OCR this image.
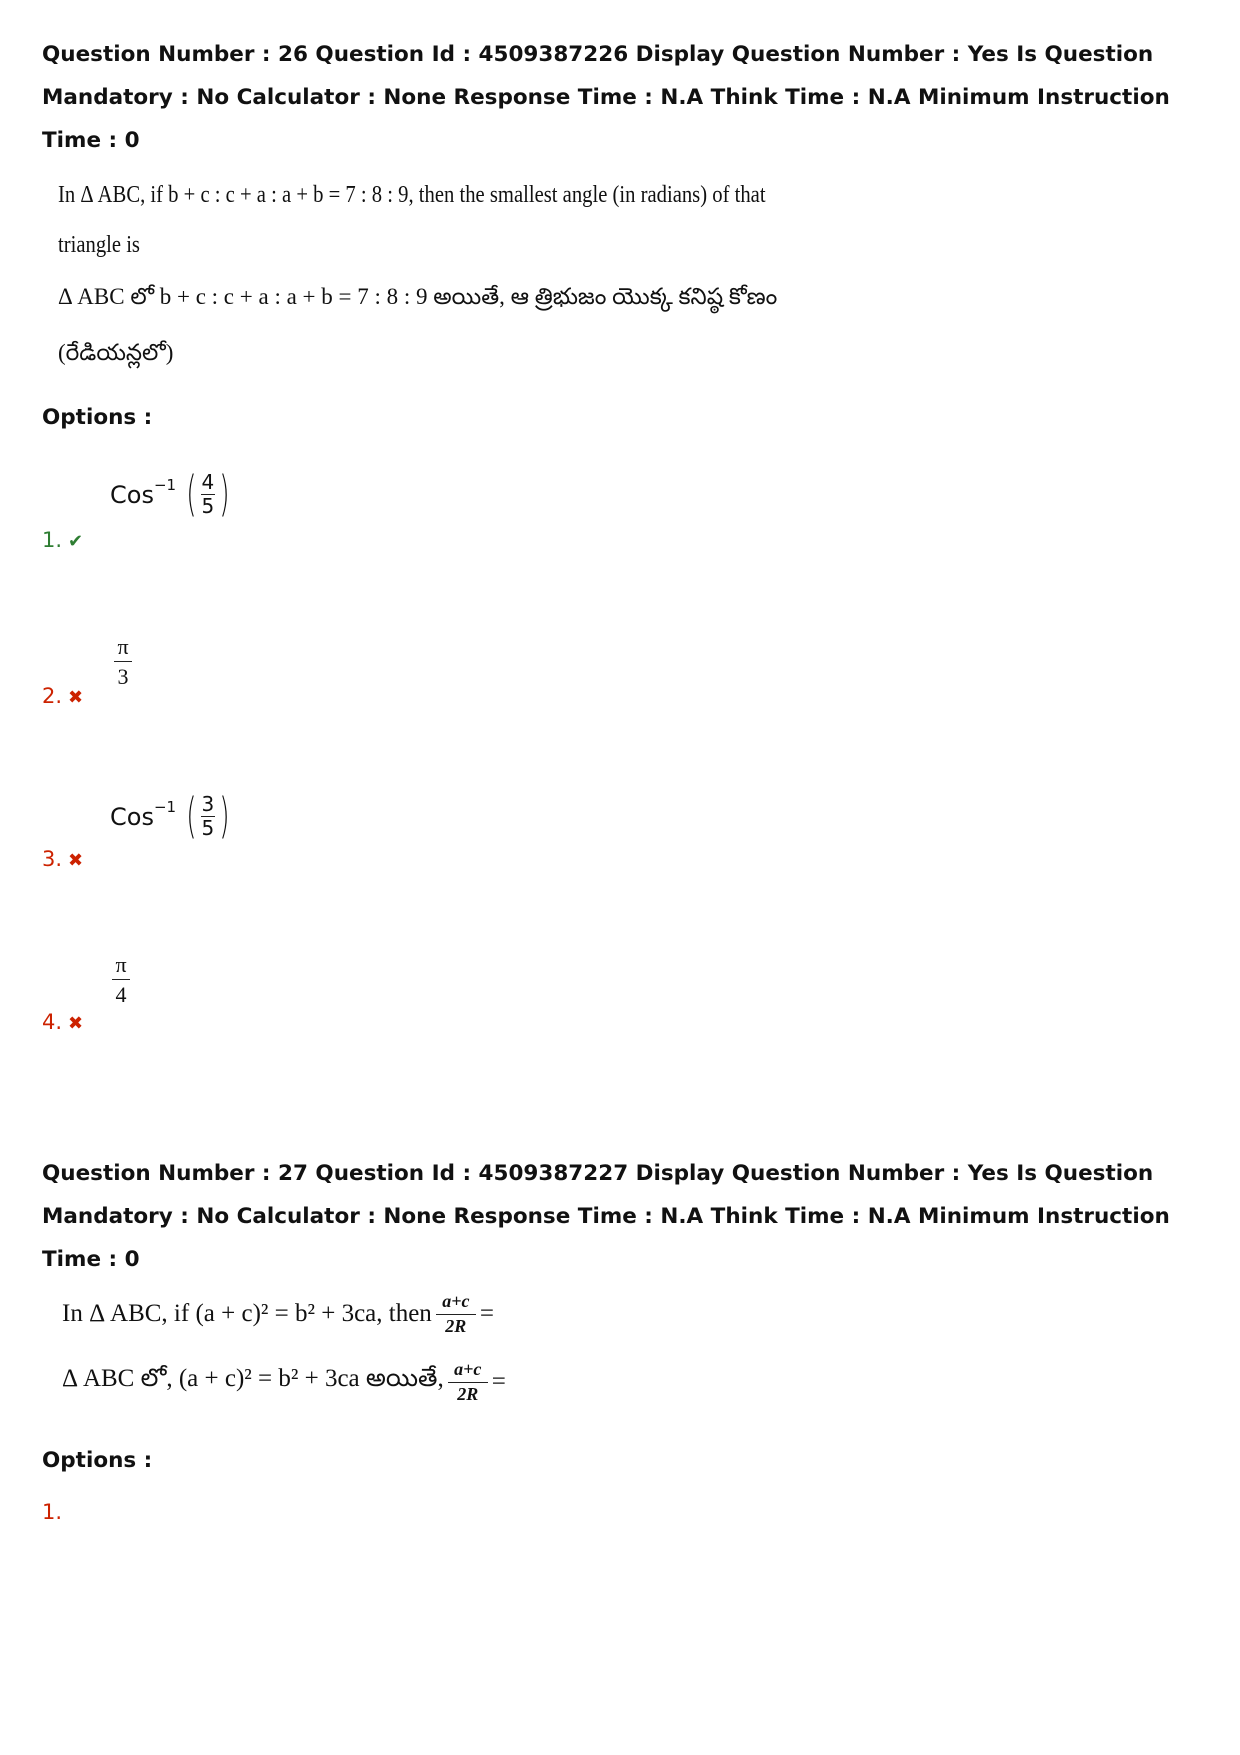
Question Number : 26 Question Id : 4509387226 Display Question Number : Yes Is Question
Mandatory : No Calculator : None Response Time : N.A Think Time : N.A Minimum Instruction
Time : 0
In Δ ABC, if b + c : c + a : a + b = 7 : 8 : 9, then the smallest angle (in radians) of that
triangle is
Δ ABC లో b + c : c + a : a + b = 7 : 8 : 9 అయితే, ఆ త్రిభుజం యొక్క కనిష్ఠ కోణం
(రేడియన్లలో)
Options :
1. ✔
Cos$^{-1}$ ( $\frac{4}{5}$ )
2. ✖
$\frac{\pi}{3}$
3. ✖
Cos$^{-1}$ ( $\frac{3}{5}$ )
4. ✖
$\frac{\pi}{4}$
Question Number : 27 Question Id : 4509387227 Display Question Number : Yes Is Question
Mandatory : No Calculator : None Response Time : N.A Think Time : N.A Minimum Instruction
Time : 0
In Δ ABC, if (a + c)² = b² + 3ca, then $\frac{a+c}{2R}$ =
Δ ABC లో, (a + c)² = b² + 3ca అయితే, $\frac{a+c}{2R}$ =
Options :
1.
